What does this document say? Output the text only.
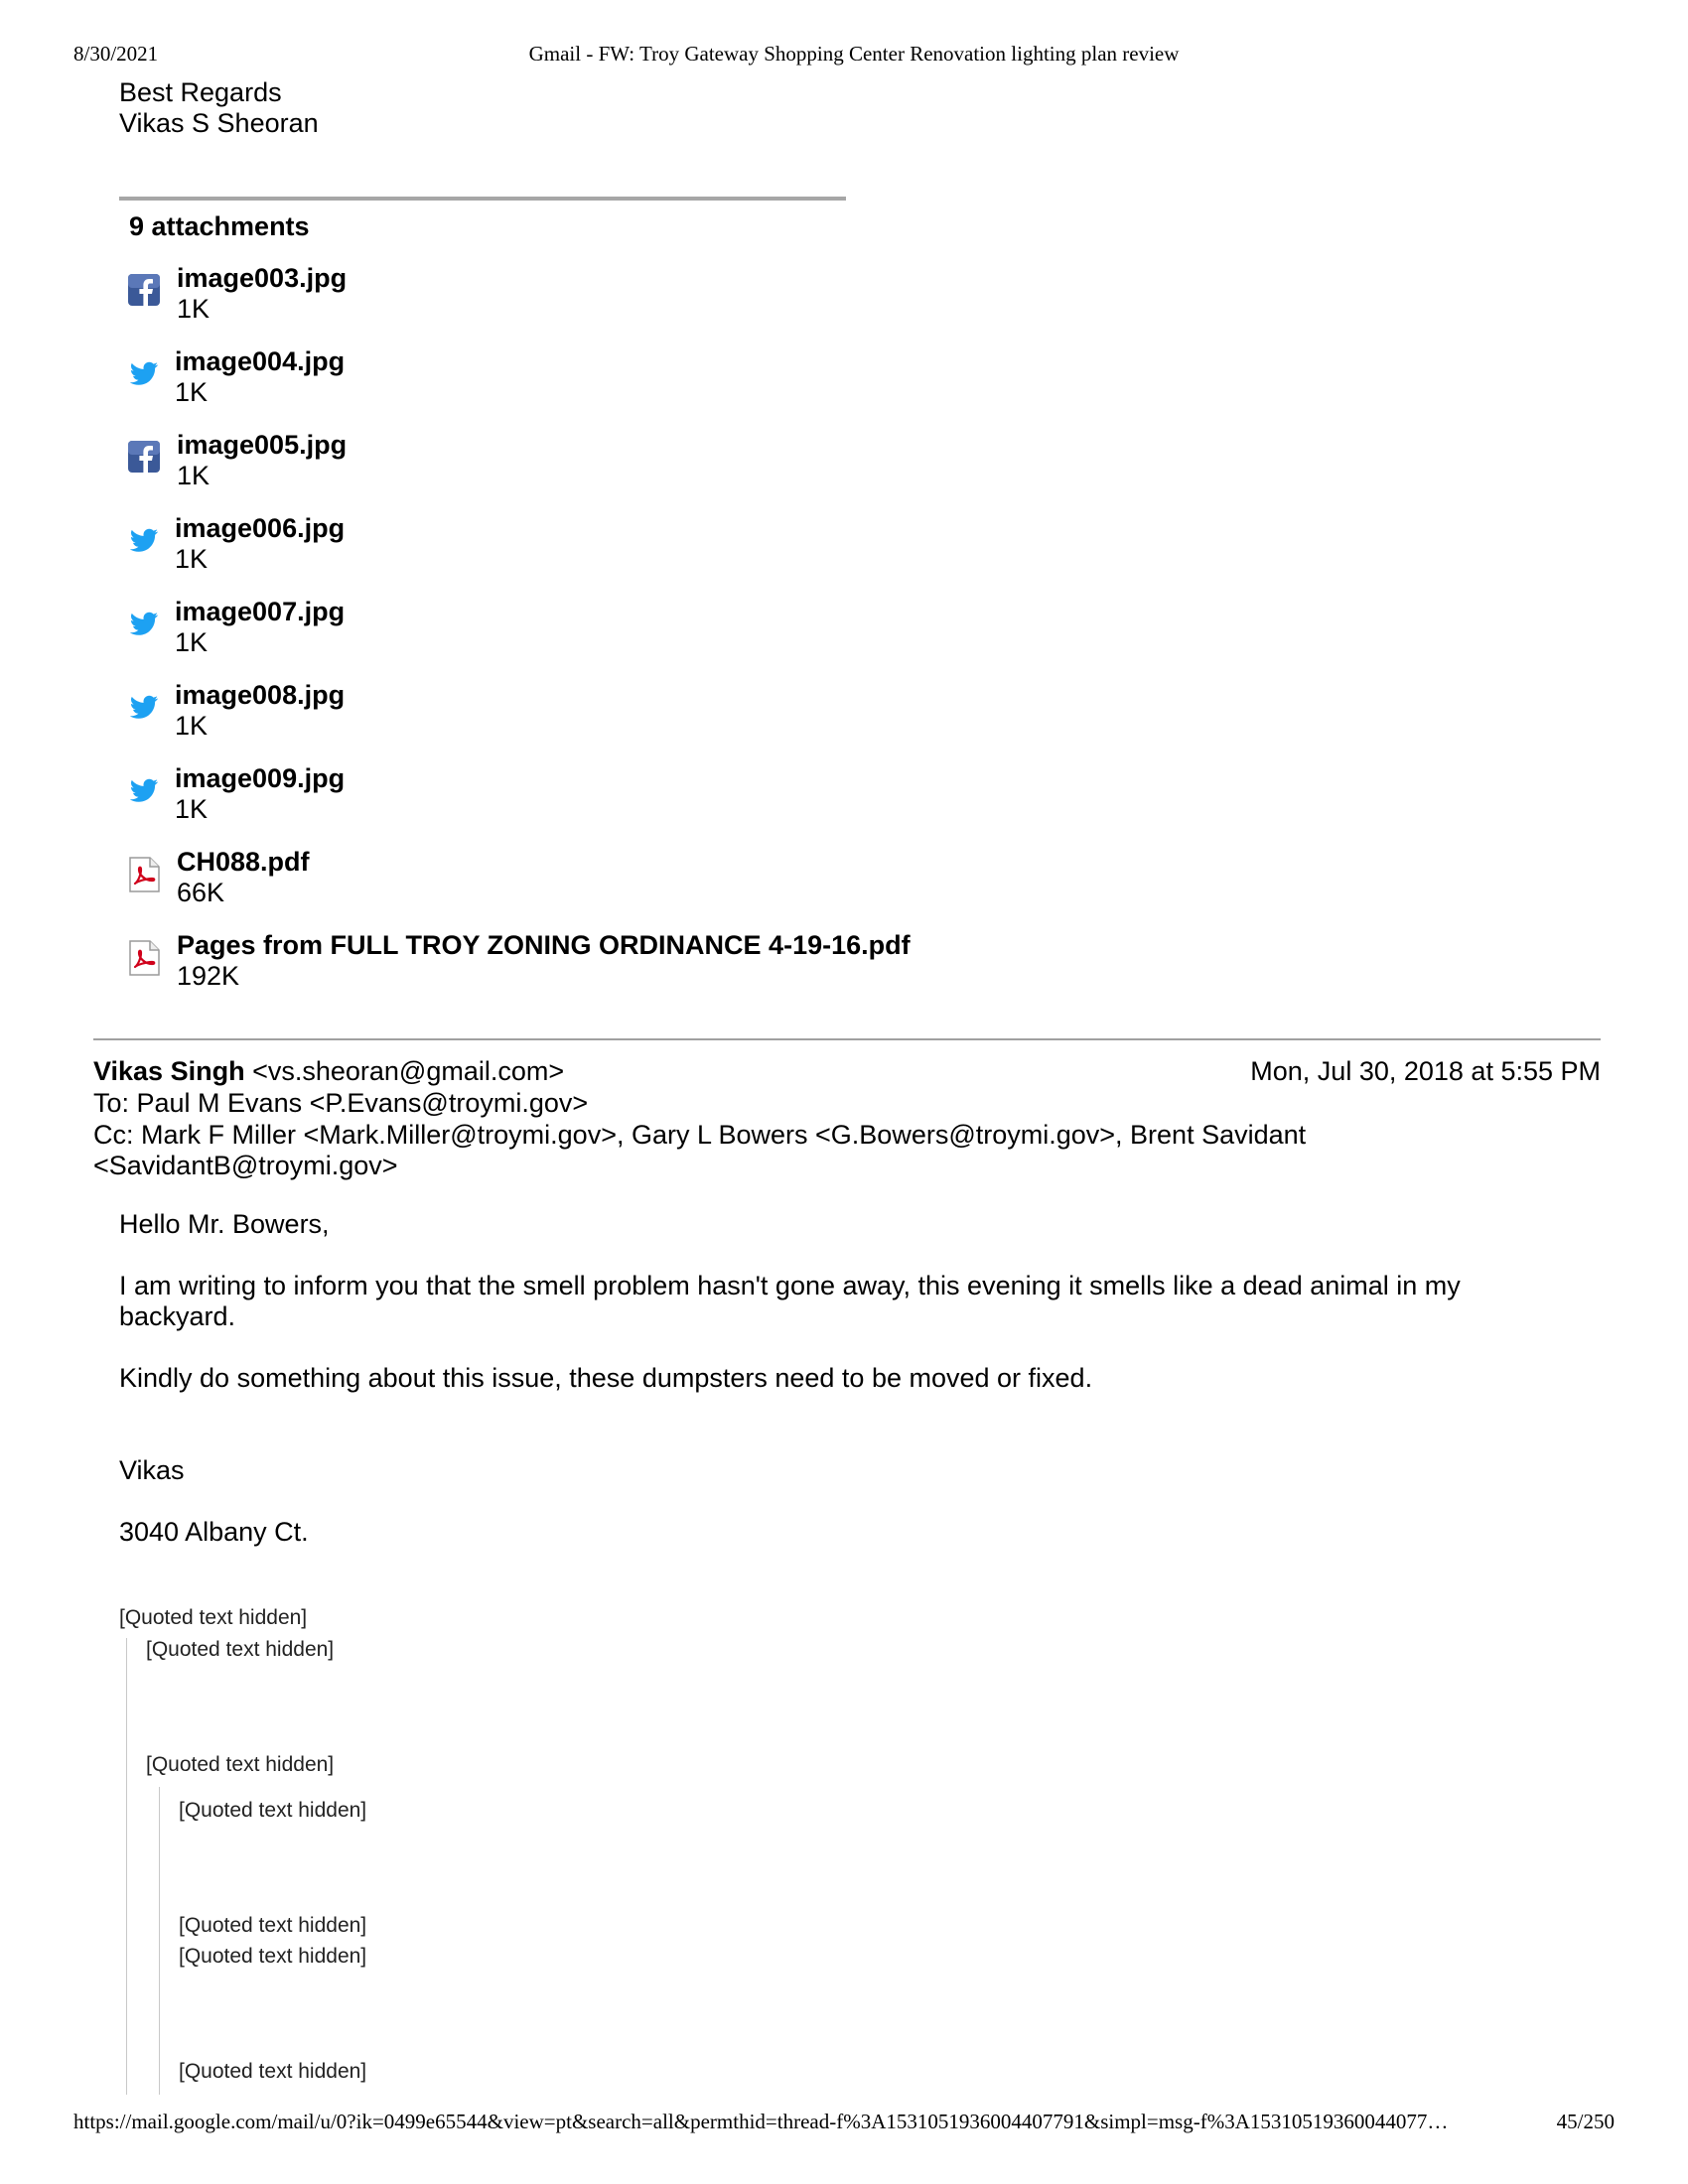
8/30/2021	Gmail - FW: Troy Gateway Shopping Center Renovation lighting plan review
Best Regards
Vikas S Sheoran
9 attachments
image003.jpg
1K
image004.jpg
1K
image005.jpg
1K
image006.jpg
1K
image007.jpg
1K
image008.jpg
1K
image009.jpg
1K
CH088.pdf
66K
Pages from FULL TROY ZONING ORDINANCE 4-19-16.pdf
192K
Vikas Singh <vs.sheoran@gmail.com>	Mon, Jul 30, 2018 at 5:55 PM
To: Paul M Evans <P.Evans@troymi.gov>
Cc: Mark F Miller <Mark.Miller@troymi.gov>, Gary L Bowers <G.Bowers@troymi.gov>, Brent Savidant <SavidantB@troymi.gov>
Hello Mr. Bowers,
I am writing to inform you that the smell problem hasn't gone away, this evening it smells like a dead animal in my backyard.
Kindly do something about this issue, these dumpsters need to be moved or fixed.
Vikas
3040 Albany Ct.
[Quoted text hidden]
[Quoted text hidden]
[Quoted text hidden]
[Quoted text hidden]
[Quoted text hidden]
[Quoted text hidden]
[Quoted text hidden]
https://mail.google.com/mail/u/0?ik=0499e65544&view=pt&search=all&permthid=thread-f%3A1531051936004407791&simpl=msg-f%3A15310519360044077…	45/250
